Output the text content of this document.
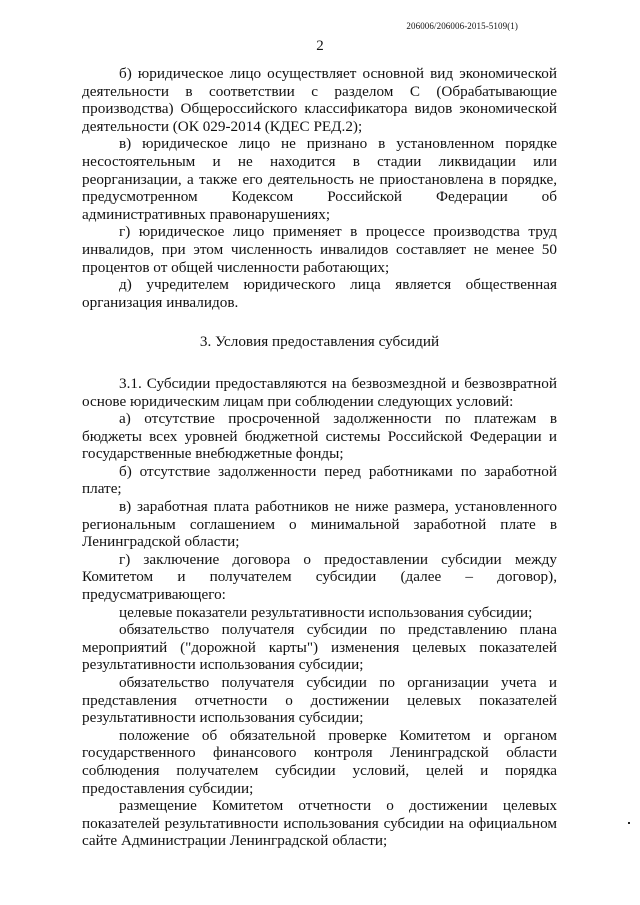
206006/206006-2015-5109(1)
2

б) юридическое лицо осуществляет основной вид экономической деятельности в соответствии с разделом С (Обрабатывающие производства) Общероссийского классификатора видов экономической деятельности (ОК 029-2014 (КДЕС РЕД.2);

в) юридическое лицо не признано в установленном порядке несостоятельным и не находится в стадии ликвидации или реорганизации, а также его деятельность не приостановлена в порядке, предусмотренном Кодексом Российской Федерации об административных правонарушениях;

г) юридическое лицо применяет в процессе производства труд инвалидов, при этом численность инвалидов составляет не менее 50 процентов от общей численности работающих;

д) учредителем юридического лица является общественная организация инвалидов.

3. Условия предоставления субсидий

3.1. Субсидии предоставляются на безвозмездной и безвозвратной основе юридическим лицам при соблюдении следующих условий:

а) отсутствие просроченной задолженности по платежам в бюджеты всех уровней бюджетной системы Российской Федерации и государственные внебюджетные фонды;

б) отсутствие задолженности перед работниками по заработной плате;

в) заработная плата работников не ниже размера, установленного региональным соглашением о минимальной заработной плате в Ленинградской области;

г) заключение договора о предоставлении субсидии между Комитетом и получателем субсидии (далее – договор), предусматривающего:

целевые показатели результативности использования субсидии;

обязательство получателя субсидии по представлению плана мероприятий ("дорожной карты") изменения целевых показателей результативности использования субсидии;

обязательство получателя субсидии по организации учета и представления отчетности о достижении целевых показателей результативности использования субсидии;

положение об обязательной проверке Комитетом и органом государственного финансового контроля Ленинградской области соблюдения получателем субсидии условий, целей и порядка предоставления субсидии;

размещение Комитетом отчетности о достижении целевых показателей результативности использования субсидии на официальном сайте Администрации Ленинградской области;
